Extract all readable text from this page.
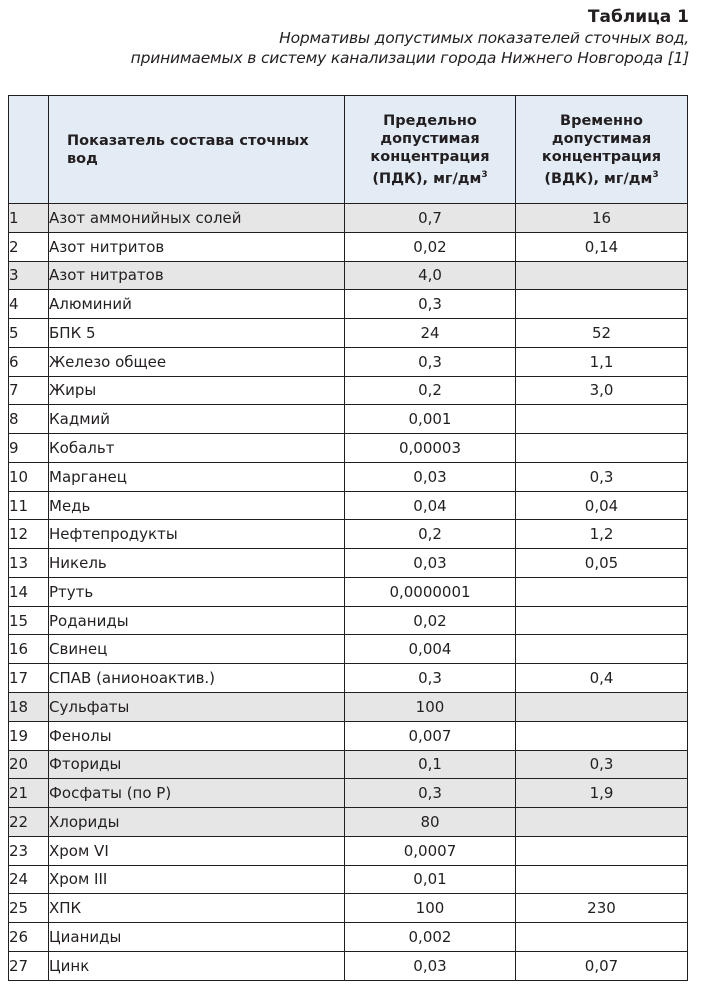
Таблица 1
Нормативы допустимых показателей сточных вод,
принимаемых в систему канализации города Нижнего Новгорода [1]
	Показатель состава сточных вод	Предельно допустимая концентрация (ПДК), $мг/дм^3$	Временно допустимая концентрация (ВДК), $мг/дм^3$
1	Азот аммонийных солей	0,7	16
2	Азот нитритов	0,02	0,14
3	Азот нитратов	4,0	
4	Алюминий	0,3	
5	БПК 5	24	52
6	Железо общее	0,3	1,1
7	Жиры	0,2	3,0
8	Кадмий	0,001	
9	Кобальт	0,00003	
10	Марганец	0,03	0,3
11	Медь	0,04	0,04
12	Нефтепродукты	0,2	1,2
13	Никель	0,03	0,05
14	Ртуть	0,0000001	
15	Роданиды	0,02	
16	Свинец	0,004	
17	СПАВ (анионоактив.)	0,3	0,4
18	Сульфаты	100	
19	Фенолы	0,007	
20	Фториды	0,1	0,3
21	Фосфаты (по P)	0,3	1,9
22	Хлориды	80	
23	Хром VI	0,0007	
24	Хром III	0,01	
25	ХПК	100	230
26	Цианиды	0,002	
27	Цинк	0,03	0,07
